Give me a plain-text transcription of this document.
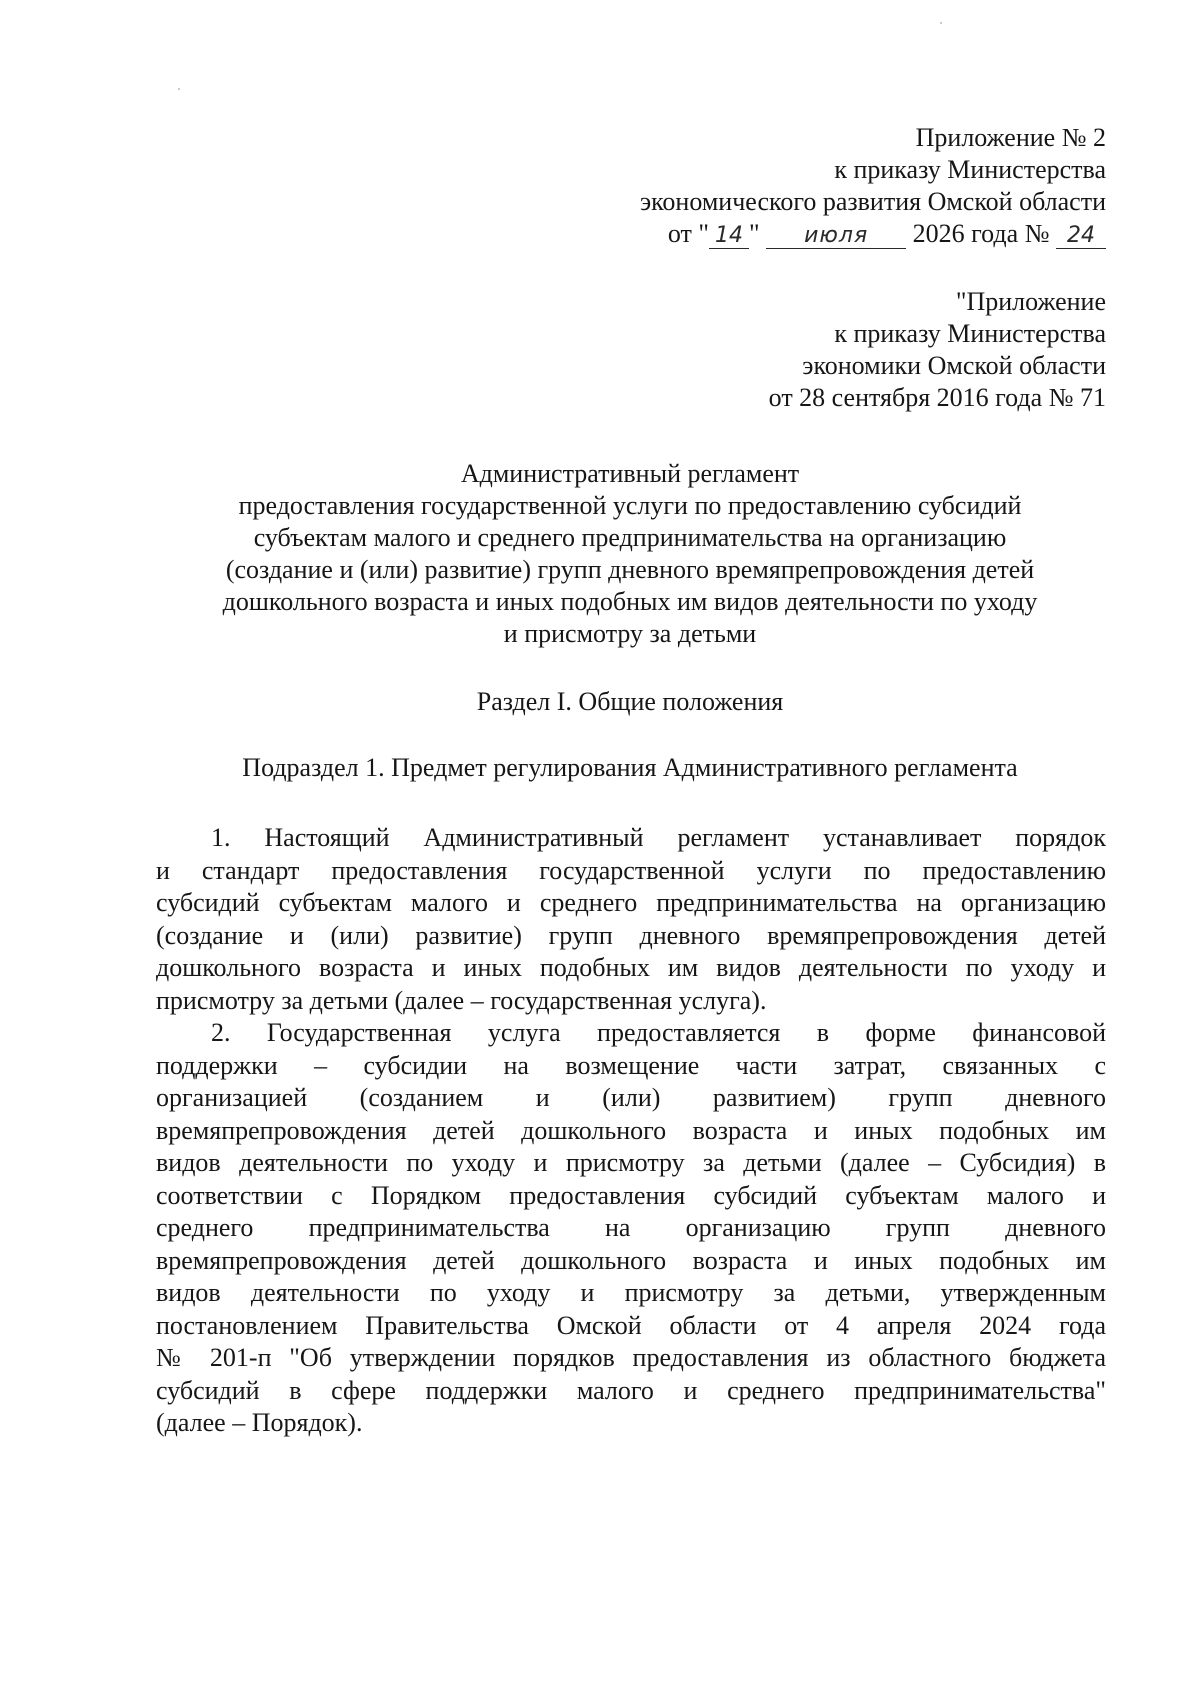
Приложение № 2
к приказу Министерства
экономического развития Омской области
от " 14 " июля 2026 года № 24
"Приложение
к приказу Министерства
экономики Омской области
от 28 сентября 2016 года № 71
Административный регламент
предоставления государственной услуги по предоставлению субсидий
субъектам малого и среднего предпринимательства на организацию
(создание и (или) развитие) групп дневного времяпрепровождения детей
дошкольного возраста и иных подобных им видов деятельности по уходу
и присмотру за детьми
Раздел I. Общие положения
Подраздел 1. Предмет регулирования Административного регламента
1. Настоящий Административный регламент устанавливает порядок
и стандарт предоставления государственной услуги по предоставлению
субсидий субъектам малого и среднего предпринимательства на организацию
(создание и (или) развитие) групп дневного времяпрепровождения детей
дошкольного возраста и иных подобных им видов деятельности по уходу и
присмотру за детьми (далее – государственная услуга).
2. Государственная услуга предоставляется в форме финансовой
поддержки – субсидии на возмещение части затрат, связанных с
организацией (созданием и (или) развитием) групп дневного
времяпрепровождения детей дошкольного возраста и иных подобных им
видов деятельности по уходу и присмотру за детьми (далее – Субсидия) в
соответствии с Порядком предоставления субсидий субъектам малого и
среднего предпринимательства на организацию групп дневного
времяпрепровождения детей дошкольного возраста и иных подобных им
видов деятельности по уходу и присмотру за детьми, утвержденным
постановлением Правительства Омской области от 4 апреля 2024 года
№ 201-п "Об утверждении порядков предоставления из областного бюджета
субсидий в сфере поддержки малого и среднего предпринимательства"
(далее – Порядок).
